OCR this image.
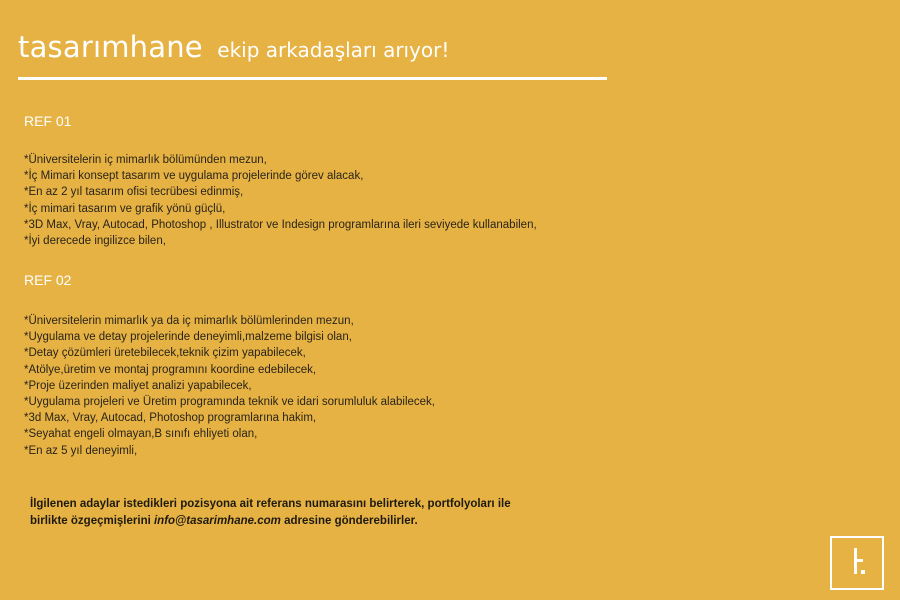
tasarımhane ekip arkadaşları arıyor!
REF 01
*Üniversitelerin iç mimarlık bölümünden mezun,
*İç Mimari konsept tasarım ve uygulama projelerinde görev alacak,
*En az 2 yıl tasarım ofisi tecrübesi edinmiş,
*İç mimari tasarım ve grafik yönü güçlü,
*3D Max, Vray, Autocad, Photoshop , Illustrator ve Indesign programlarına ileri seviyede kullanabilen,
*İyi derecede ingilizce bilen,
REF 02
*Üniversitelerin mimarlık ya da iç mimarlık bölümlerinden mezun,
*Uygulama ve detay projelerinde deneyimli,malzeme bilgisi olan,
*Detay çözümleri üretebilecek,teknik çizim yapabilecek,
*Atölye,üretim ve montaj programını koordine edebilecek,
*Proje üzerinden maliyet analizi yapabilecek,
*Uygulama projeleri ve Üretim programında teknik ve idari sorumluluk alabilecek,
*3d Max, Vray, Autocad, Photoshop programlarına hakim,
*Seyahat engeli olmayan,B sınıfı ehliyeti olan,
*En az 5 yıl deneyimli,
İlgilenen adaylar istedikleri pozisyona ait referans numarasını belirterek, portfolyoları ile
birlikte özgeçmişlerini info@tasarimhane.com adresine gönderebilirler.
